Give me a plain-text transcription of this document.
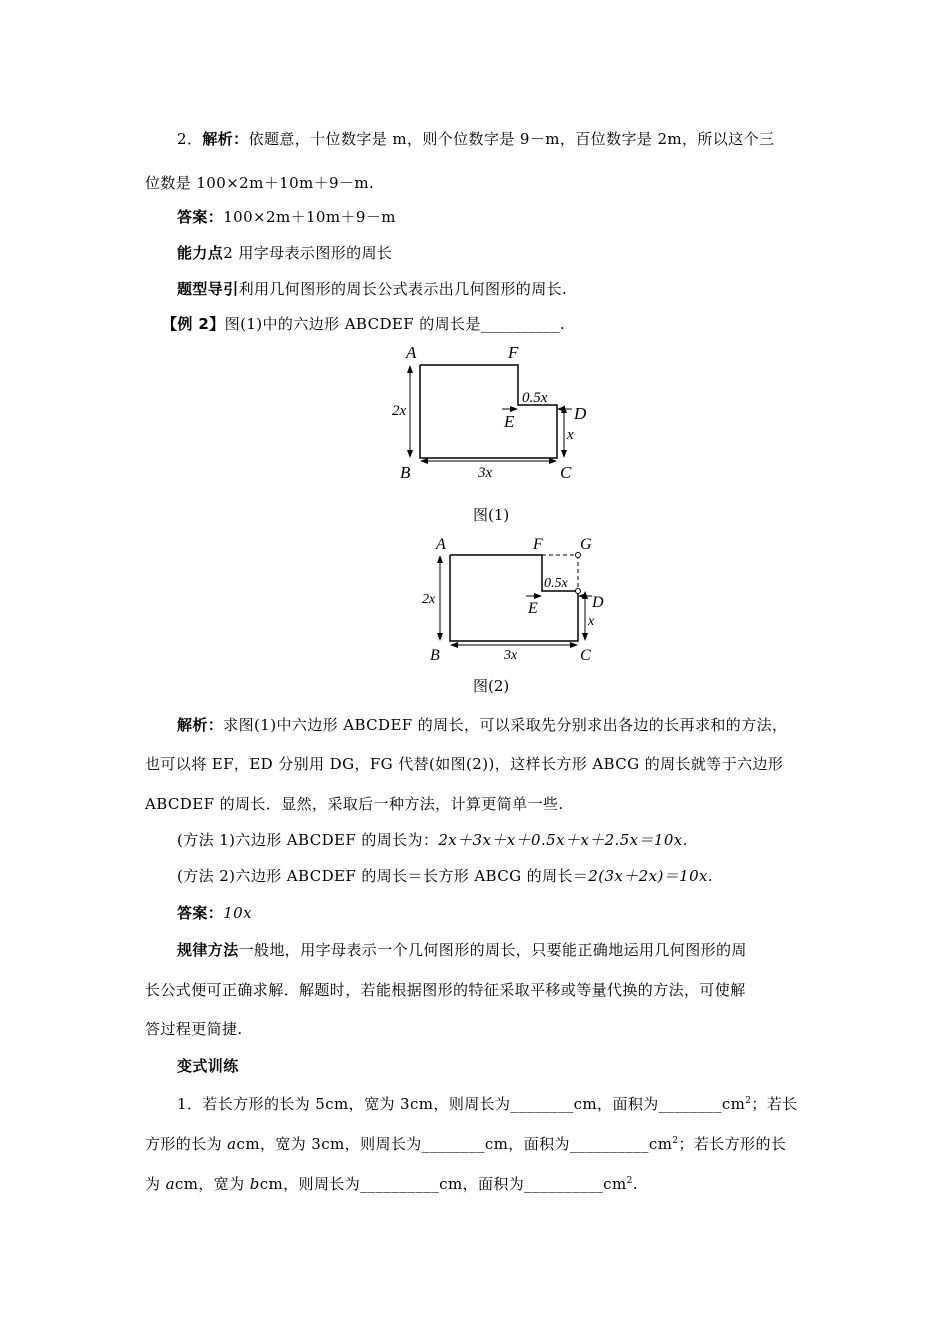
2．解析：依题意，十位数字是 m，则个位数字是 9－m，百位数字是 2m，所以这个三
位数是 100×2m＋10m＋9－m.
答案：100×2m＋10m＋9－m
能力点2 用字母表示图形的周长
题型导引利用几何图形的周长公式表示出几何图形的周长.
【例 2】图(1)中的六边形 ABCDEF 的周长是__________.
A	F
E	D
B	C
2x
0.5x
x
3x
图(1)
A	F G
E	D
B	C
2x
0.5x
x
3x
图(2)
解析：求图(1)中六边形 ABCDEF 的周长，可以采取先分别求出各边的长再求和的方法，
也可以将 EF，ED 分别用 DG，FG 代替(如图(2))，这样长方形 ABCG 的周长就等于六边形
ABCDEF 的周长．显然，采取后一种方法，计算更简单一些.
(方法 1)六边形 ABCDEF 的周长为：2x＋3x＋x＋0.5x＋x＋2.5x＝10x.
(方法 2)六边形 ABCDEF 的周长＝长方形 ABCG 的周长＝2(3x＋2x)＝10x.
答案：10x
规律方法一般地，用字母表示一个几何图形的周长，只要能正确地运用几何图形的周
长公式便可正确求解．解题时，若能根据图形的特征采取平移或等量代换的方法，可使解
答过程更简捷.
变式训练
1．若长方形的长为 5cm，宽为 3cm，则周长为________cm，面积为$\_\_\_\_\_\_\_\_cm^2$；若长
方形的长为 acm，宽为 3cm，则周长为________cm，面积为$\_\_\_\_\_\_\_\_\_\_cm^2$；若长方形的长
为 acm，宽为 bcm，则周长为__________cm，面积为$\_\_\_\_\_\_\_\_\_\_cm^2$.
